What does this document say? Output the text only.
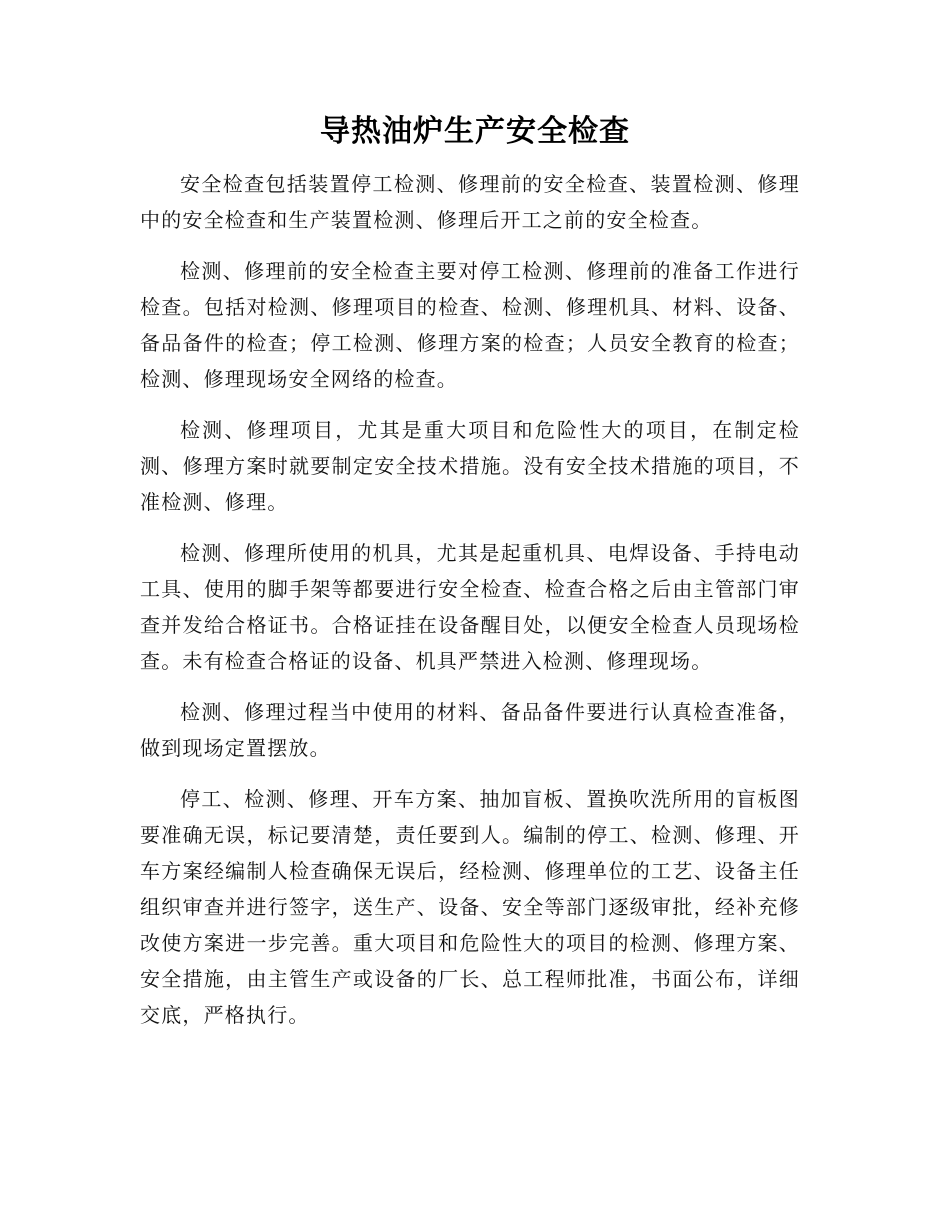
导热油炉生产安全检查

安全检查包括装置停工检测、修理前的安全检查、装置检测、修理中的安全检查和生产装置检测、修理后开工之前的安全检查。

检测、修理前的安全检查主要对停工检测、修理前的准备工作进行检查。包括对检测、修理项目的检查、检测、修理机具、材料、设备、备品备件的检查；停工检测、修理方案的检查；人员安全教育的检查；检测、修理现场安全网络的检查。

检测、修理项目，尤其是重大项目和危险性大的项目，在制定检测、修理方案时就要制定安全技术措施。没有安全技术措施的项目，不准检测、修理。

检测、修理所使用的机具，尤其是起重机具、电焊设备、手持电动工具、使用的脚手架等都要进行安全检查、检查合格之后由主管部门审查并发给合格证书。合格证挂在设备醒目处，以便安全检查人员现场检查。未有检查合格证的设备、机具严禁进入检测、修理现场。

检测、修理过程当中使用的材料、备品备件要进行认真检查准备，做到现场定置摆放。

停工、检测、修理、开车方案、抽加盲板、置换吹洗所用的盲板图要准确无误，标记要清楚，责任要到人。编制的停工、检测、修理、开车方案经编制人检查确保无误后，经检测、修理单位的工艺、设备主任组织审查并进行签字，送生产、设备、安全等部门逐级审批，经补充修改使方案进一步完善。重大项目和危险性大的项目的检测、修理方案、安全措施，由主管生产或设备的厂长、总工程师批准，书面公布，详细交底，严格执行。
